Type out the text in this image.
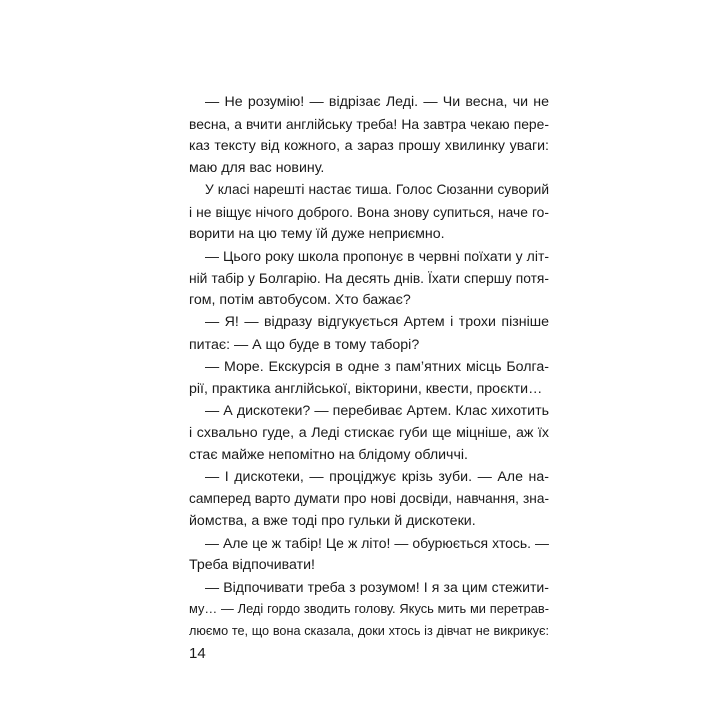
— Не розумію! — відрізає Леді. — Чи весна, чи не
весна, а вчити англійську треба! На завтра чекаю пере-
каз тексту від кожного, а зараз прошу хвилинку уваги:
маю для вас новину.
У класі нарешті настає тиша. Голос Сюзанни суворий
і не віщує нічого доброго. Вона знову супиться, наче го-
ворити на цю тему їй дуже неприємно.
— Цього року школа пропонує в червні поїхати у літ-
ній табір у Болгарію. На десять днів. Їхати спершу потя-
гом, потім автобусом. Хто бажає?
— Я! — відразу відгукується Артем і трохи пізніше
питає: — А що буде в тому таборі?
— Море. Екскурсія в одне з пам’ятних місць Болга-
рії, практика англійської, вікторини, квести, проєкти…
— А дискотеки? — перебиває Артем. Клас хихотить
і схвально гуде, а Леді стискає губи ще міцніше, аж їх
стає майже непомітно на блідому обличчі.
— І дискотеки, — проціджує крізь зуби. — Але на-
самперед варто думати про нові досвіди, навчання, зна-
йомства, а вже тоді про гульки й дискотеки.
— Але це ж табір! Це ж літо! — обурюється хтось. —
Треба відпочивати!
— Відпочивати треба з розумом! І я за цим стежити-
му… — Леді гордо зводить голову. Якусь мить ми перетрав-
люємо те, що вона сказала, доки хтось із дівчат не викрикує:
14
